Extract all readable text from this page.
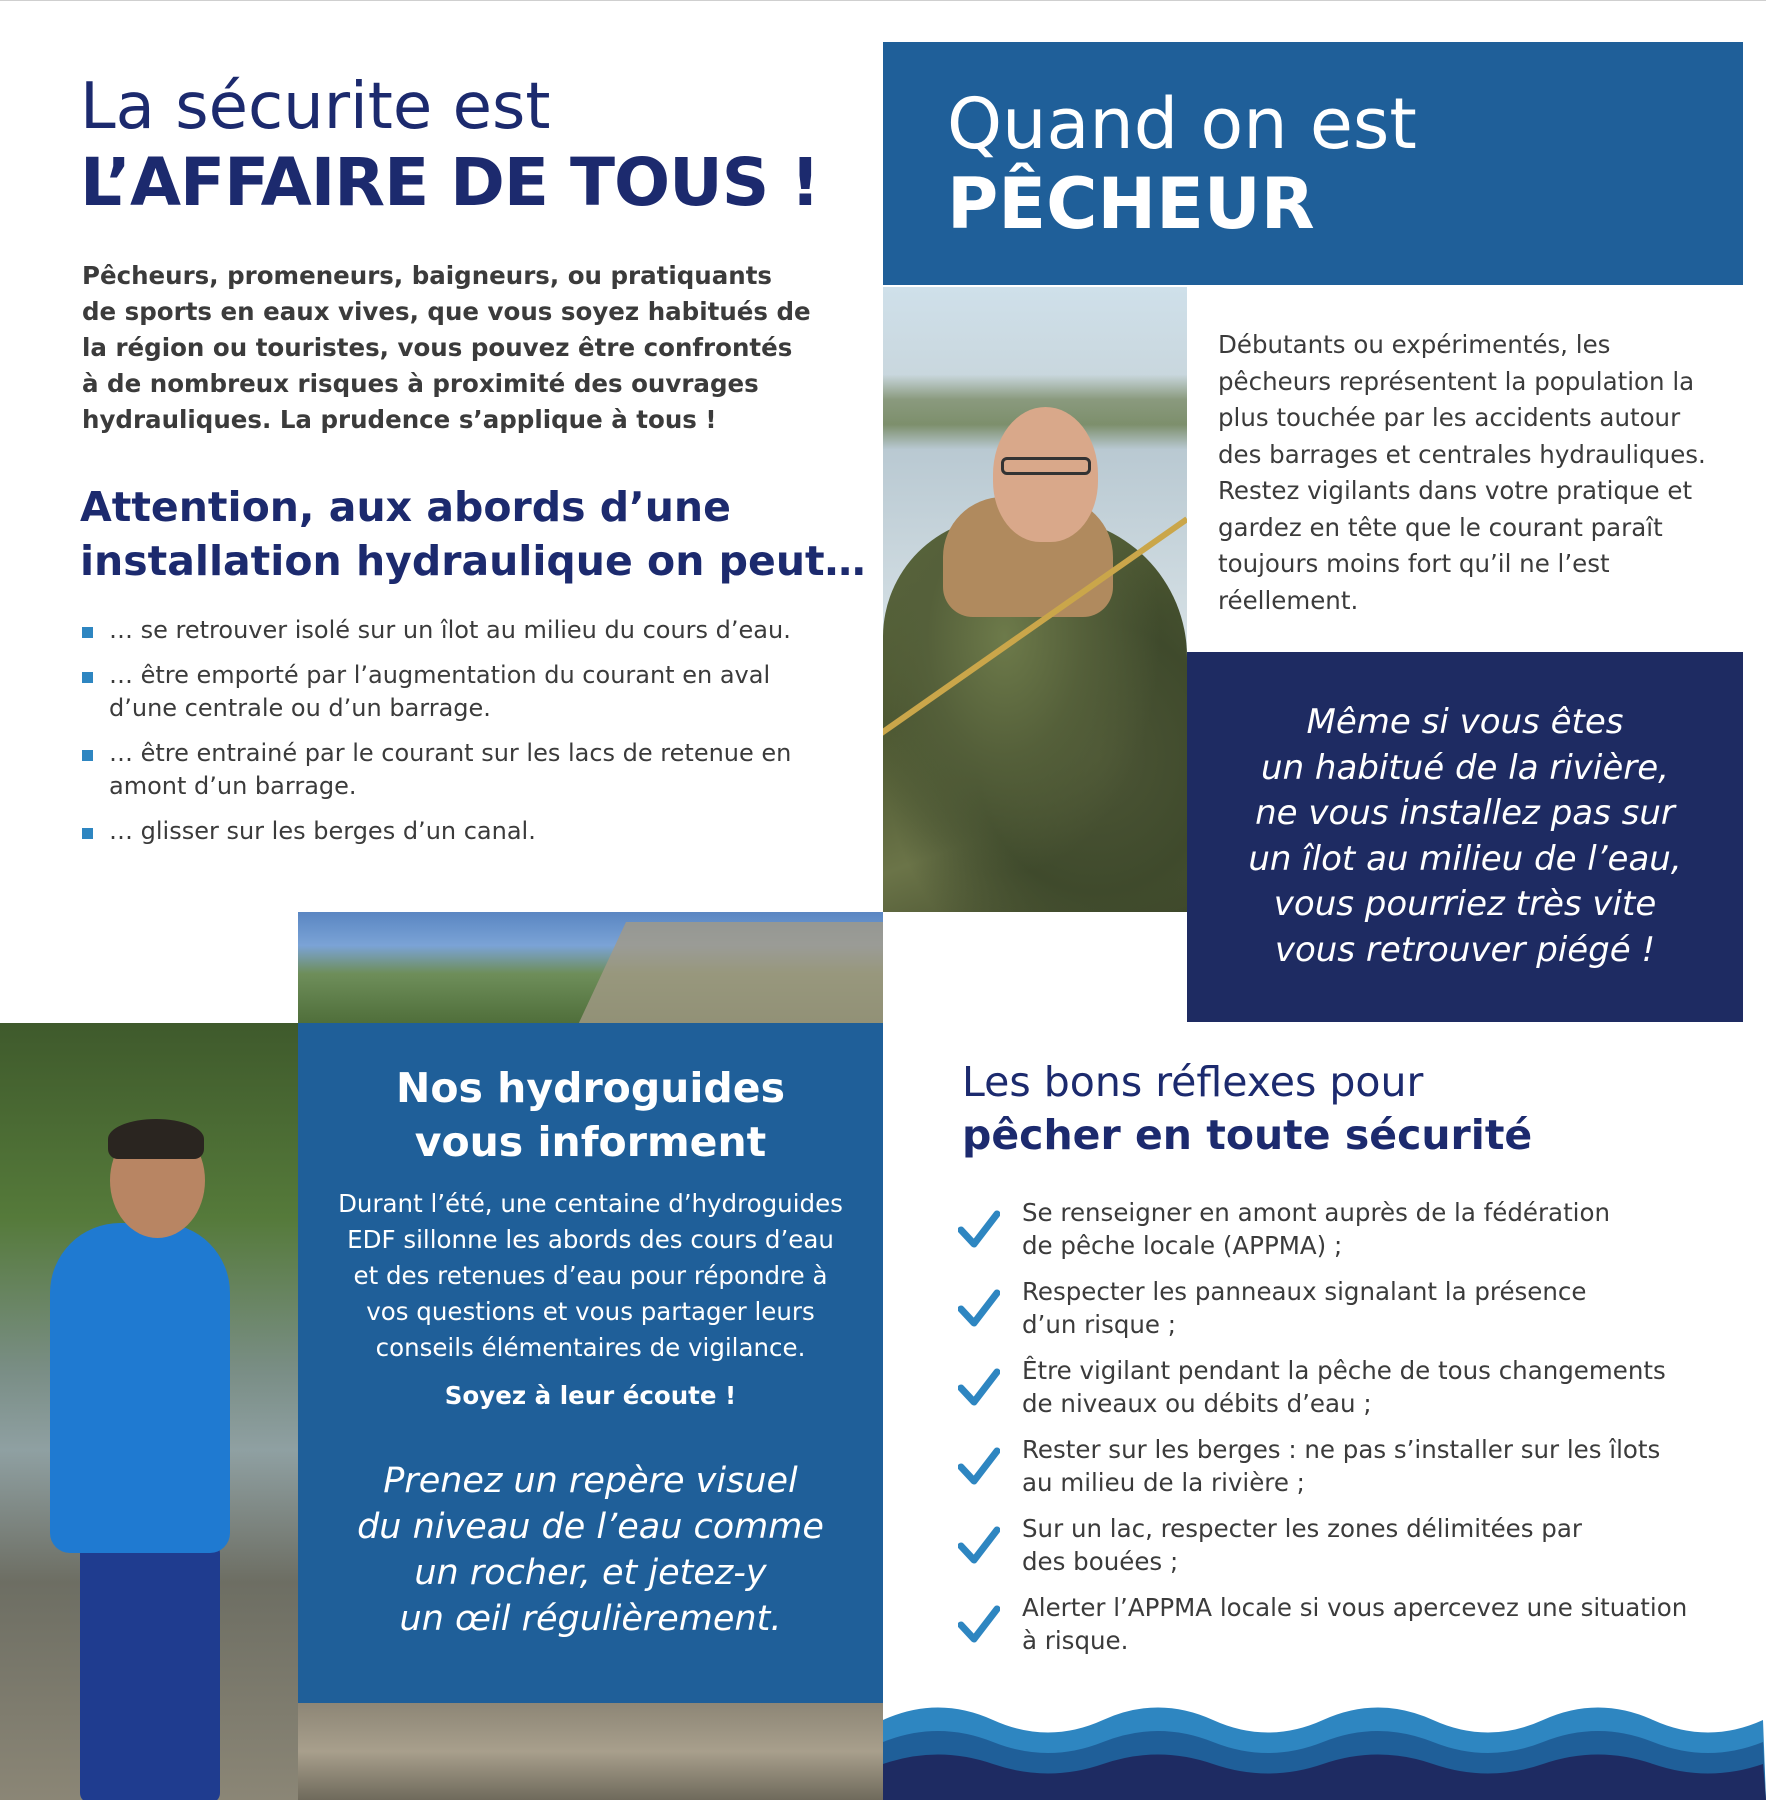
La sécurite est
L’AFFAIRE DE TOUS !

Pêcheurs, promeneurs, baigneurs, ou pratiquants
de sports en eaux vives, que vous soyez habitués de
la région ou touristes, vous pouvez être confrontés
à de nombreux risques à proximité des ouvrages
hydrauliques. La prudence s’applique à tous !

Attention, aux abords d’une
installation hydraulique on peut…
… se retrouver isolé sur un îlot au milieu du cours d’eau.
… être emporté par l’augmentation du courant en aval
d’une centrale ou d’un barrage.
… être entrainé par le courant sur les lacs de retenue en
amont d’un barrage.
… glisser sur les berges d’un canal.
Quand on est
PÊCHEUR

Débutants ou expérimentés, les
pêcheurs représentent la population la
plus touchée par les accidents autour
des barrages et centrales hydrauliques.
Restez vigilants dans votre pratique et
gardez en tête que le courant paraît
toujours moins fort qu’il ne l’est
réellement.

Même si vous êtes
un habitué de la rivière,
ne vous installez pas sur
un îlot au milieu de l’eau,
vous pourriez très vite
vous retrouver piégé !

Nos hydroguides
vous informent

Durant l’été, une centaine d’hydroguides
EDF sillonne les abords des cours d’eau
et des retenues d’eau pour répondre à
vos questions et vous partager leurs
conseils élémentaires de vigilance.
Soyez à leur écoute !

Prenez un repère visuel
du niveau de l’eau comme
un rocher, et jetez-y
un œil régulièrement.

Les bons réflexes pour
pêcher en toute sécurité
Se renseigner en amont auprès de la fédération
de pêche locale (APPMA) ;
Respecter les panneaux signalant la présence
d’un risque ;
Être vigilant pendant la pêche de tous changements
de niveaux ou débits d’eau ;
Rester sur les berges : ne pas s’installer sur les îlots
au milieu de la rivière ;
Sur un lac, respecter les zones délimitées par
des bouées ;
Alerter l’APPMA locale si vous apercevez une situation
à risque.
